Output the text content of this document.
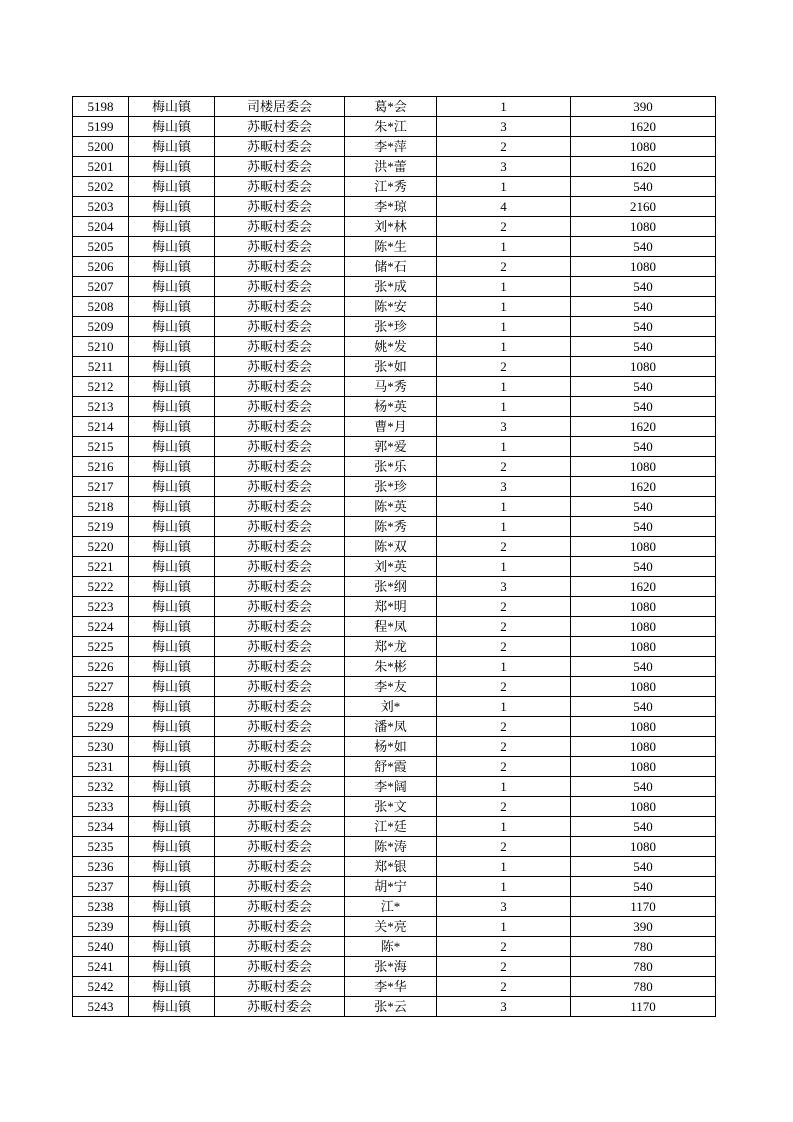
5198	梅山镇	司楼居委会	葛*会	1	390
5199	梅山镇	苏畈村委会	朱*江	3	1620
5200	梅山镇	苏畈村委会	李*萍	2	1080
5201	梅山镇	苏畈村委会	洪*蕾	3	1620
5202	梅山镇	苏畈村委会	江*秀	1	540
5203	梅山镇	苏畈村委会	李*琼	4	2160
5204	梅山镇	苏畈村委会	刘*林	2	1080
5205	梅山镇	苏畈村委会	陈*生	1	540
5206	梅山镇	苏畈村委会	储*石	2	1080
5207	梅山镇	苏畈村委会	张*成	1	540
5208	梅山镇	苏畈村委会	陈*安	1	540
5209	梅山镇	苏畈村委会	张*珍	1	540
5210	梅山镇	苏畈村委会	姚*发	1	540
5211	梅山镇	苏畈村委会	张*如	2	1080
5212	梅山镇	苏畈村委会	马*秀	1	540
5213	梅山镇	苏畈村委会	杨*英	1	540
5214	梅山镇	苏畈村委会	曹*月	3	1620
5215	梅山镇	苏畈村委会	郭*爱	1	540
5216	梅山镇	苏畈村委会	张*乐	2	1080
5217	梅山镇	苏畈村委会	张*珍	3	1620
5218	梅山镇	苏畈村委会	陈*英	1	540
5219	梅山镇	苏畈村委会	陈*秀	1	540
5220	梅山镇	苏畈村委会	陈*双	2	1080
5221	梅山镇	苏畈村委会	刘*英	1	540
5222	梅山镇	苏畈村委会	张*纲	3	1620
5223	梅山镇	苏畈村委会	郑*明	2	1080
5224	梅山镇	苏畈村委会	程*凤	2	1080
5225	梅山镇	苏畈村委会	郑*龙	2	1080
5226	梅山镇	苏畈村委会	朱*彬	1	540
5227	梅山镇	苏畈村委会	李*友	2	1080
5228	梅山镇	苏畈村委会	刘*	1	540
5229	梅山镇	苏畈村委会	潘*凤	2	1080
5230	梅山镇	苏畈村委会	杨*如	2	1080
5231	梅山镇	苏畈村委会	舒*霞	2	1080
5232	梅山镇	苏畈村委会	李*阔	1	540
5233	梅山镇	苏畈村委会	张*文	2	1080
5234	梅山镇	苏畈村委会	江*廷	1	540
5235	梅山镇	苏畈村委会	陈*涛	2	1080
5236	梅山镇	苏畈村委会	郑*银	1	540
5237	梅山镇	苏畈村委会	胡*宁	1	540
5238	梅山镇	苏畈村委会	江*	3	1170
5239	梅山镇	苏畈村委会	关*亮	1	390
5240	梅山镇	苏畈村委会	陈*	2	780
5241	梅山镇	苏畈村委会	张*海	2	780
5242	梅山镇	苏畈村委会	李*华	2	780
5243	梅山镇	苏畈村委会	张*云	3	1170
